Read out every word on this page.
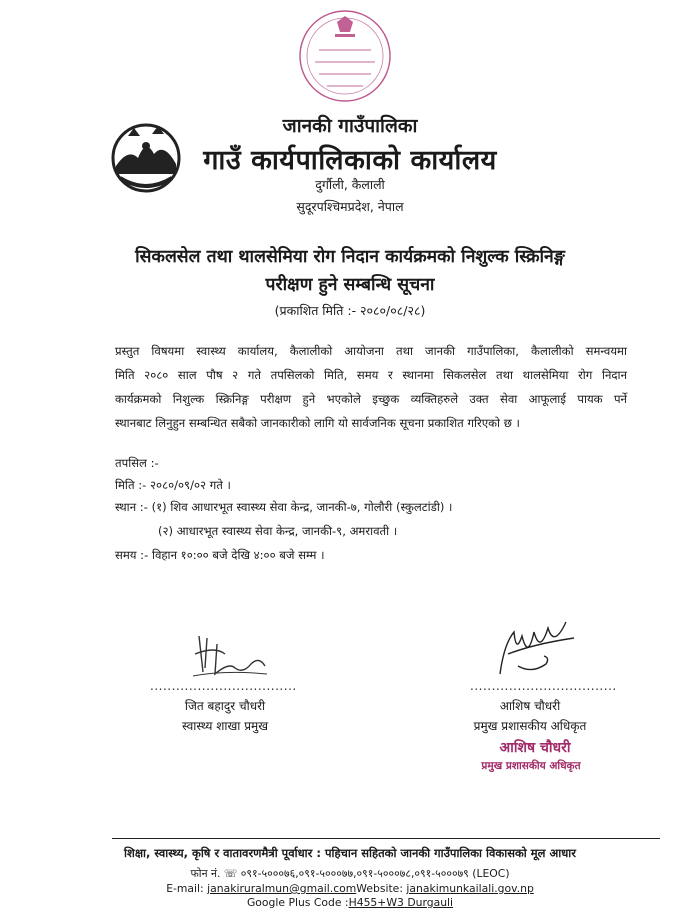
जानकी गाउँपालिका
गाउँ कार्यपालिकाको कार्यालय
दुर्गौली, कैलाली
सुदूरपश्चिमप्रदेश, नेपाल
सिकलसेल तथा थालसेमिया रोग निदान कार्यक्रमको निशुल्क स्क्रिनिङ्ग
परीक्षण हुने सम्बन्धि सूचना
(प्रकाशित मिति :- २०८०/०८/२८)
प्रस्तुत विषयमा स्वास्थ्य कार्यालय, कैलालीको आयोजना तथा जानकी गाउँपालिका, कैलालीको समन्वयमा
मिति २०८० साल पौष २ गते तपसिलको मिति, समय र स्थानमा सिकलसेल तथा थालसेमिया रोग निदान
कार्यक्रमको निशुल्क स्क्रिनिङ्ग परीक्षण हुने भएकोले इच्छुक व्यक्तिहरुले उक्त सेवा आफूलाई पायक पर्ने
स्थानबाट लिनुहुन सम्बन्धित सबैको जानकारीको लागि यो सार्वजनिक सूचना प्रकाशित गरिएको छ ।
तपसिल :-
मिति :- २०८०/०९/०२ गते ।
स्थान :- (१) शिव आधारभूत स्वास्थ्य सेवा केन्द्र, जानकी-७, गोलौरी (स्कुलटांडी) ।
(२) आधारभूत स्वास्थ्य सेवा केन्द्र, जानकी-९, अमरावती ।
समय :- विहान १०:०० बजे देखि ४:०० बजे सम्म ।
..................................
जित बहादुर चौधरी
स्वास्थ्य शाखा प्रमुख
..................................
आशिष चौधरी
प्रमुख प्रशासकीय अधिकृत
आशिष चौधरी
प्रमुख प्रशासकीय अधिकृत
शिक्षा, स्वास्थ्य, कृषि र वातावरणमैत्री पूर्वाधार : पहिचान सहितको जानकी गाउँपालिका विकासको मूल आधार
फोन नं. ☏ ०९१-५०००७६,०९१-५०००७७,०९१-५०००७८,०९१-५०००७९ (LEOC)
E-mail: janakiruralmun@gmail.comWebsite: janakimunkailali.gov.np
Google Plus Code :H455+W3 Durgauli
